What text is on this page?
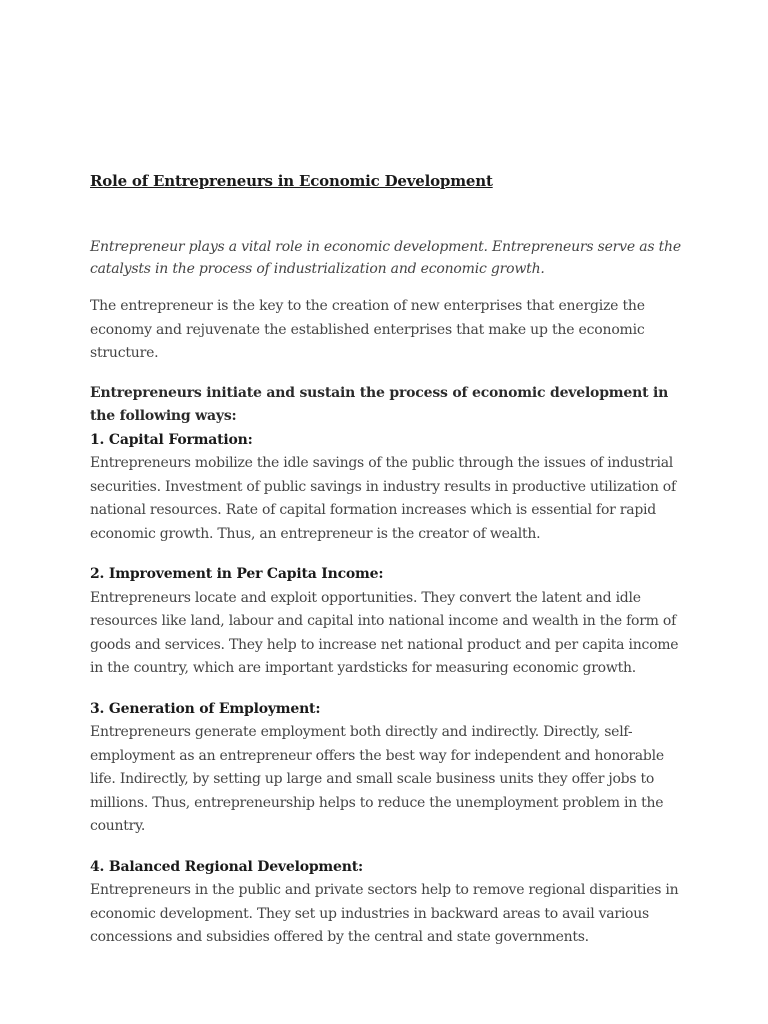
Role of Entrepreneurs in Economic Development

Entrepreneur plays a vital role in economic development. Entrepreneurs serve as the catalysts in the process of industrialization and economic growth.

The entrepreneur is the key to the creation of new enterprises that energize the economy and rejuvenate the established enterprises that make up the economic structure.

Entrepreneurs initiate and sustain the process of economic development in the following ways:

1. Capital Formation:

Entrepreneurs mobilize the idle savings of the public through the issues of industrial securities. Investment of public savings in industry results in productive utilization of national resources. Rate of capital formation increases which is essential for rapid economic growth. Thus, an entrepreneur is the creator of wealth.

2. Improvement in Per Capita Income:

Entrepreneurs locate and exploit opportunities. They convert the latent and idle resources like land, labour and capital into national income and wealth in the form of goods and services. They help to increase net national product and per capita income in the country, which are important yardsticks for measuring economic growth.

3. Generation of Employment:

Entrepreneurs generate employment both directly and indirectly. Directly, self-employment as an entrepreneur offers the best way for independent and honorable life. Indirectly, by setting up large and small scale business units they offer jobs to millions. Thus, entrepreneurship helps to reduce the unemployment problem in the country.

4. Balanced Regional Development:

Entrepreneurs in the public and private sectors help to remove regional disparities in economic development. They set up industries in backward areas to avail various concessions and subsidies offered by the central and state governments.
